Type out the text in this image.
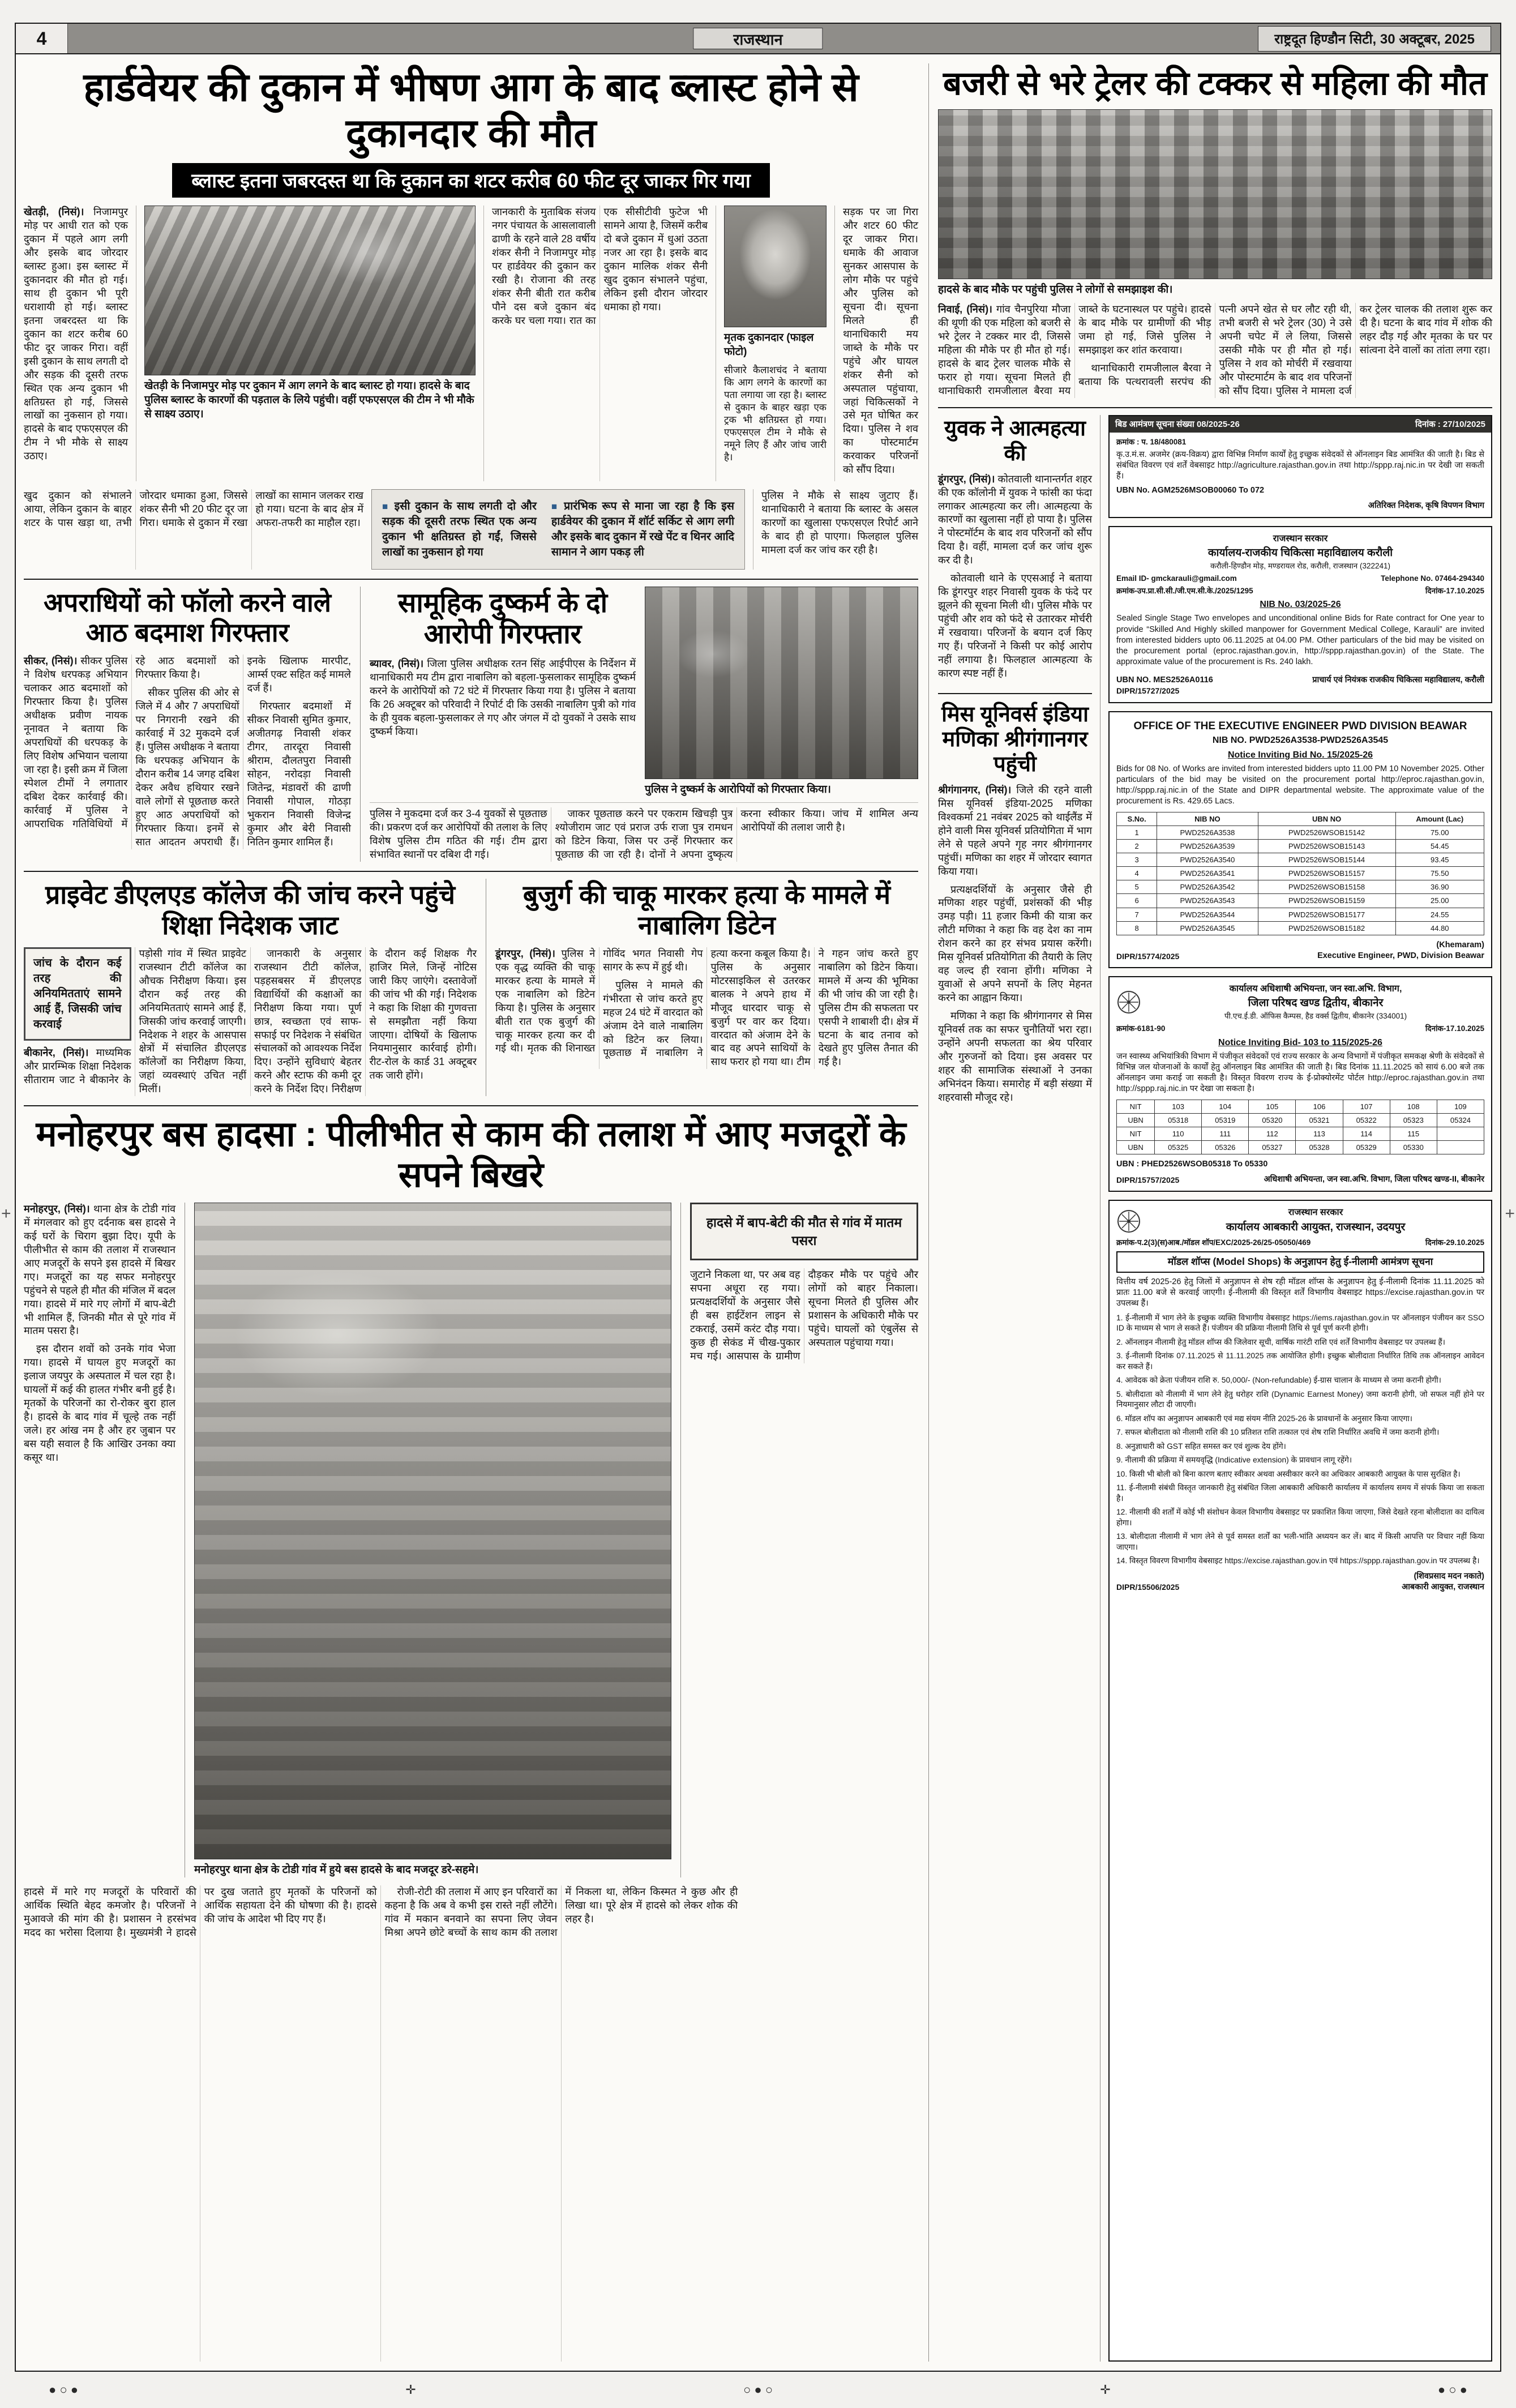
+	+
4	राजस्थान	राष्ट्रदूत हिण्डौन सिटी, 30 अक्टूबर, 2025
हार्डवेयर की दुकान में भीषण आग के बाद ब्लास्ट होने से दुकानदार की मौत
ब्लास्ट इतना जबरदस्त था कि दुकान का शटर करीब 60 फीट दूर जाकर गिर गया

खेतड़ी, (निसं)। निजामपुर मोड़ पर आधी रात को एक दुकान में पहले आग लगी और इसके बाद जोरदार ब्लास्ट हुआ। इस ब्लास्ट में दुकानदार की मौत हो गई। साथ ही दुकान भी पूरी धराशायी हो गई। ब्लास्ट इतना जबरदस्त था कि दुकान का शटर करीब 60 फीट दूर जाकर गिरा। वहीं इसी दुकान के साथ लगती दो और सड़क की दूसरी तरफ स्थित एक अन्य दुकान भी क्षतिग्रस्त हो गई, जिससे लाखों का नुकसान हो गया। हादसे के बाद एफएसएल की टीम ने भी मौके से साक्ष्य उठाए।

खेतड़ी के निजामपुर मोड़ पर दुकान में आग लगने के बाद ब्लास्ट हो गया। हादसे के बाद पुलिस ब्लास्ट के कारणों की पड़ताल के लिये पहुंची। वहीं एफएसएल की टीम ने भी मौके से साक्ष्य उठाए।

जानकारी के मुताबिक संजय नगर पंचायत के आसलावाली ढाणी के रहने वाले 28 वर्षीय शंकर सैनी ने निजामपुर मोड़ पर हार्डवेयर की दुकान कर रखी है। रोजाना की तरह शंकर सैनी बीती रात करीब पौने दस बजे दुकान बंद करके घर चला गया। रात का एक सीसीटीवी फुटेज भी सामने आया है, जिसमें करीब दो बजे दुकान में धुआं उठता नजर आ रहा है। इसके बाद दुकान मालिक शंकर सैनी खुद दुकान संभालने पहुंचा, लेकिन इसी दौरान जोरदार धमाका हो गया।

मृतक दुकानदार (फाइल फोटो)
सीजारे कैलाशचंद ने बताया कि आग लगने के कारणों का पता लगाया जा रहा है। ब्लास्ट से दुकान के बाहर खड़ा एक ट्रक भी क्षतिग्रस्त हो गया। एफएसएल टीम ने मौके से नमूने लिए हैं और जांच जारी है।

सड़क पर जा गिरा और शटर 60 फीट दूर जाकर गिरा। धमाके की आवाज सुनकर आसपास के लोग मौके पर पहुंचे और पुलिस को सूचना दी। सूचना मिलते ही थानाधिकारी मय जाब्ते के मौके पर पहुंचे और घायल शंकर सैनी को अस्पताल पहुंचाया, जहां चिकित्सकों ने उसे मृत घोषित कर दिया। पुलिस ने शव का पोस्टमार्टम करवाकर परिजनों को सौंप दिया।

खुद दुकान को संभालने आया, लेकिन दुकान के बाहर शटर के पास खड़ा था, तभी जोरदार धमाका हुआ, जिससे शंकर सैनी भी 20 फीट दूर जा गिरा। धमाके से दुकान में रखा लाखों का सामान जलकर राख हो गया। घटना के बाद क्षेत्र में अफरा-तफरी का माहौल रहा।

■ इसी दुकान के साथ लगती दो और सड़क की दूसरी तरफ स्थित एक अन्य दुकान भी क्षतिग्रस्त हो गईं, जिससे लाखों का नुकसान हो गया
■ प्रारंभिक रूप से माना जा रहा है कि इस हार्डवेयर की दुकान में शॉर्ट सर्किट से आग लगी और इसके बाद दुकान में रखे पेंट व थिनर आदि सामान ने आग पकड़ ली

पुलिस ने मौके से साक्ष्य जुटाए हैं। थानाधिकारी ने बताया कि ब्लास्ट के असल कारणों का खुलासा एफएसएल रिपोर्ट आने के बाद ही हो पाएगा। फिलहाल पुलिस मामला दर्ज कर जांच कर रही है।

अपराधियों को फॉलो करने वाले आठ बदमाश गिरफ्तार

सीकर, (निसं)। सीकर पुलिस ने विशेष धरपकड़ अभियान चलाकर आठ बदमाशों को गिरफ्तार किया है। पुलिस अधीक्षक प्रवीण नायक नूनावत ने बताया कि अपराधियों की धरपकड़ के लिए विशेष अभियान चलाया जा रहा है। इसी क्रम में जिला स्पेशल टीमों ने लगातार दबिश देकर कार्रवाई की। कार्रवाई में पुलिस ने आपराधिक गतिविधियों में रहे आठ बदमाशों को गिरफ्तार किया है।

सीकर पुलिस की ओर से जिले में 4 और 7 अपराधियों पर निगरानी रखने की कार्रवाई में 32 मुकदमे दर्ज हैं। पुलिस अधीक्षक ने बताया कि धरपकड़ अभियान के दौरान करीब 14 जगह दबिश देकर अवैध हथियार रखने वाले लोगों से पूछताछ करते हुए आठ अपराधियों को गिरफ्तार किया। इनमें से सात आदतन अपराधी हैं। इनके खिलाफ मारपीट, आर्म्स एक्ट सहित कई मामले दर्ज हैं।

गिरफ्तार बदमाशों में सीकर निवासी सुमित कुमार, अजीतगढ़ निवासी शंकर टीगर, तारदूरा निवासी श्रीराम, दौलतपुरा निवासी सोहन, नरोदड़ा निवासी जितेन्द्र, मंडावरों की ढाणी निवासी गोपाल, गोठड़ा भुकरान निवासी विजेन्द्र कुमार और बेरी निवासी नितिन कुमार शामिल हैं।

सामूहिक दुष्कर्म के दो आरोपी गिरफ्तार

ब्यावर, (निसं)। जिला पुलिस अधीक्षक रतन सिंह आईपीएस के निर्देशन में थानाधिकारी मय टीम द्वारा नाबालिग को बहला-फुसलाकर सामूहिक दुष्कर्म करने के आरोपियों को 72 घंटे में गिरफ्तार किया गया है। पुलिस ने बताया कि 26 अक्टूबर को परिवादी ने रिपोर्ट दी कि उसकी नाबालिग पुत्री को गांव के ही युवक बहला-फुसलाकर ले गए और जंगल में दो युवकों ने उसके साथ दुष्कर्म किया।

पुलिस ने दुष्कर्म के आरोपियों को गिरफ्तार किया।

पुलिस ने मुकदमा दर्ज कर 3-4 युवकों से पूछताछ की। प्रकरण दर्ज कर आरोपियों की तलाश के लिए विशेष पुलिस टीम गठित की गई। टीम द्वारा संभावित स्थानों पर दबिश दी गई।

जाकर पूछताछ करने पर एकराम खिचड़ी पुत्र श्योजीराम जाट एवं प्रराज उर्फ राजा पुत्र रामधन को डिटेन किया, जिस पर उन्हें गिरफ्तार कर पूछताछ की जा रही है। दोनों ने अपना दुष्कृत्य करना स्वीकार किया। जांच में शामिल अन्य आरोपियों की तलाश जारी है।

प्राइवेट डीएलएड कॉलेज की जांच करने पहुंचे शिक्षा निदेशक जाट
जांच के दौरान कई तरह की अनियमितताएं सामने आई हैं, जिसकी जांच करवाई

बीकानेर, (निसं)। माध्यमिक और प्रारम्भिक शिक्षा निदेशक सीताराम जाट ने बीकानेर के पड़ोसी गांव में स्थित प्राइवेट राजस्थान टीटी कॉलेज का औचक निरीक्षण किया। इस दौरान कई तरह की अनियमितताएं सामने आई हैं, जिसकी जांच करवाई जाएगी। निदेशक ने शहर के आसपास क्षेत्रों में संचालित डीएलएड कॉलेजों का निरीक्षण किया, जहां व्यवस्थाएं उचित नहीं मिलीं।

जानकारी के अनुसार राजस्थान टीटी कॉलेज, पड़हसबसर में डीएलएड विद्यार्थियों की कक्षाओं का निरीक्षण किया गया। पूर्ण छात्र, स्वच्छता एवं साफ-सफाई पर निदेशक ने संबंधित संचालकों को आवश्यक निर्देश दिए। उन्होंने सुविधाएं बेहतर करने और स्टाफ की कमी दूर करने के निर्देश दिए। निरीक्षण के दौरान कई शिक्षक गैर हाजिर मिले, जिन्हें नोटिस जारी किए जाएंगे। दस्तावेजों की जांच भी की गई। निदेशक ने कहा कि शिक्षा की गुणवत्ता से समझौता नहीं किया जाएगा। दोषियों के खिलाफ नियमानुसार कार्रवाई होगी। रीट-रोल के कार्ड 31 अक्टूबर तक जारी होंगे।

बुजुर्ग की चाकू मारकर हत्या के मामले में नाबालिग डिटेन

डूंगरपुर, (निसं)। पुलिस ने एक वृद्ध व्यक्ति की चाकू मारकर हत्या के मामले में एक नाबालिग को डिटेन किया है। पुलिस के अनुसार बीती रात एक बुजुर्ग की चाकू मारकर हत्या कर दी गई थी। मृतक की शिनाख्त गोविंद भगत निवासी गेप सागर के रूप में हुई थी।

पुलिस ने मामले की गंभीरता से जांच करते हुए महज 24 घंटे में वारदात को अंजाम देने वाले नाबालिग को डिटेन कर लिया। पूछताछ में नाबालिग ने हत्या करना कबूल किया है। पुलिस के अनुसार मोटरसाइकिल से उतरकर बालक ने अपने हाथ में मौजूद धारदार चाकू से बुजुर्ग पर वार कर दिया। वारदात को अंजाम देने के बाद वह अपने साथियों के साथ फरार हो गया था। टीम ने गहन जांच करते हुए नाबालिग को डिटेन किया। मामले में अन्य की भूमिका की भी जांच की जा रही है। पुलिस टीम की सफलता पर एसपी ने शाबाशी दी। क्षेत्र में घटना के बाद तनाव को देखते हुए पुलिस तैनात की गई है।

मनोहरपुर बस हादसा : पीलीभीत से काम की तलाश में आए मजदूरों के सपने बिखरे

मनोहरपुर, (निसं)। थाना क्षेत्र के टोडी गांव में मंगलवार को हुए दर्दनाक बस हादसे ने कई घरों के चिराग बुझा दिए। यूपी के पीलीभीत से काम की तलाश में राजस्थान आए मजदूरों के सपने इस हादसे में बिखर गए। मजदूरों का यह सफर मनोहरपुर पहुंचने से पहले ही मौत की मंजिल में बदल गया। हादसे में मारे गए लोगों में बाप-बेटी भी शामिल हैं, जिनकी मौत से पूरे गांव में मातम पसरा है।

इस दौरान शवों को उनके गांव भेजा गया। हादसे में घायल हुए मजदूरों का इलाज जयपुर के अस्पताल में चल रहा है। घायलों में कई की हालत गंभीर बनी हुई है। मृतकों के परिजनों का रो-रोकर बुरा हाल है। हादसे के बाद गांव में चूल्हे तक नहीं जले। हर आंख नम है और हर जुबान पर बस यही सवाल है कि आखिर उनका क्या कसूर था।

मनोहरपुर थाना क्षेत्र के टोडी गांव में हुये बस हादसे के बाद मजदूर डरे-सहमे।
हादसे में बाप-बेटी की मौत से गांव में मातम पसरा

जुटाने निकला था, पर अब वह सपना अधूरा रह गया। प्रत्यक्षदर्शियों के अनुसार जैसे ही बस हाईटेंशन लाइन से टकराई, उसमें करंट दौड़ गया। कुछ ही सेकंड में चीख-पुकार मच गई। आसपास के ग्रामीण दौड़कर मौके पर पहुंचे और लोगों को बाहर निकाला। सूचना मिलते ही पुलिस और प्रशासन के अधिकारी मौके पर पहुंचे। घायलों को एंबुलेंस से अस्पताल पहुंचाया गया।

हादसे में मारे गए मजदूरों के परिवारों की आर्थिक स्थिति बेहद कमजोर है। परिजनों ने मुआवजे की मांग की है। प्रशासन ने हरसंभव मदद का भरोसा दिलाया है। मुख्यमंत्री ने हादसे पर दुख जताते हुए मृतकों के परिजनों को आर्थिक सहायता देने की घोषणा की है। हादसे की जांच के आदेश भी दिए गए हैं।

रोजी-रोटी की तलाश में आए इन परिवारों का कहना है कि अब वे कभी इस रास्ते नहीं लौटेंगे। गांव में मकान बनवाने का सपना लिए जेवन मिश्रा अपने छोटे बच्चों के साथ काम की तलाश में निकला था, लेकिन किस्मत ने कुछ और ही लिखा था। पूरे क्षेत्र में हादसे को लेकर शोक की लहर है।

बजरी से भरे ट्रेलर की टक्कर से महिला की मौत
हादसे के बाद मौके पर पहुंची पुलिस ने लोगों से समझाइश की।

निवाई, (निसं)। गांव चैनपुरिया मौजा की थूणी की एक महिला को बजरी से भरे ट्रेलर ने टक्कर मार दी, जिससे महिला की मौके पर ही मौत हो गई। हादसे के बाद ट्रेलर चालक मौके से फरार हो गया। सूचना मिलते ही थानाधिकारी रामजीलाल बैरवा मय जाब्ते के घटनास्थल पर पहुंचे। हादसे के बाद मौके पर ग्रामीणों की भीड़ जमा हो गई, जिसे पुलिस ने समझाइश कर शांत करवाया।

थानाधिकारी रामजीलाल बैरवा ने बताया कि पत्थरावली सरपंच की पत्नी अपने खेत से घर लौट रही थी, तभी बजरी से भरे ट्रेलर (30) ने उसे अपनी चपेट में ले लिया, जिससे उसकी मौके पर ही मौत हो गई। पुलिस ने शव को मोर्चरी में रखवाया और पोस्टमार्टम के बाद शव परिजनों को सौंप दिया। पुलिस ने मामला दर्ज कर ट्रेलर चालक की तलाश शुरू कर दी है। घटना के बाद गांव में शोक की लहर दौड़ गई और मृतका के घर पर सांत्वना देने वालों का तांता लगा रहा।

युवक ने आत्महत्या की

डूंगरपुर, (निसं)। कोतवाली थानान्तर्गत शहर की एक कॉलोनी में युवक ने फांसी का फंदा लगाकर आत्महत्या कर ली। आत्महत्या के कारणों का खुलासा नहीं हो पाया है। पुलिस ने पोस्टमॉर्टम के बाद शव परिजनों को सौंप दिया है। वहीं, मामला दर्ज कर जांच शुरू कर दी है।

कोतवाली थाने के एएसआई ने बताया कि डूंगरपुर शहर निवासी युवक के फंदे पर झूलने की सूचना मिली थी। पुलिस मौके पर पहुंची और शव को फंदे से उतारकर मोर्चरी में रखवाया। परिजनों के बयान दर्ज किए गए हैं। परिजनों ने किसी पर कोई आरोप नहीं लगाया है। फिलहाल आत्महत्या के कारण स्पष्ट नहीं हैं।

मिस यूनिवर्स इंडिया मणिका श्रीगंगानगर पहुंची

श्रीगंगानगर, (निसं)। जिले की रहने वाली मिस यूनिवर्स इंडिया-2025 मणिका विश्वकर्मा 21 नवंबर 2025 को थाईलैंड में होने वाली मिस यूनिवर्स प्रतियोगिता में भाग लेने से पहले अपने गृह नगर श्रीगंगानगर पहुंचीं। मणिका का शहर में जोरदार स्वागत किया गया।

प्रत्यक्षदर्शियों के अनुसार जैसे ही मणिका शहर पहुंचीं, प्रशंसकों की भीड़ उमड़ पड़ी। 11 हजार किमी की यात्रा कर लौटी मणिका ने कहा कि वह देश का नाम रोशन करने का हर संभव प्रयास करेंगी। मिस यूनिवर्स प्रतियोगिता की तैयारी के लिए वह जल्द ही रवाना होंगी। मणिका ने युवाओं से अपने सपनों के लिए मेहनत करने का आह्वान किया।

मणिका ने कहा कि श्रीगंगानगर से मिस यूनिवर्स तक का सफर चुनौतियों भरा रहा। उन्होंने अपनी सफलता का श्रेय परिवार और गुरुजनों को दिया। इस अवसर पर शहर की सामाजिक संस्थाओं ने उनका अभिनंदन किया। समारोह में बड़ी संख्या में शहरवासी मौजूद रहे।

बिड आमंत्रण सूचना संख्या 08/2025-26	दिनांक : 27/10/2025
क्रमांक : प. 18/480081

कृ.उ.मं.स. अजमेर (क्रय-विक्रय) द्वारा विभिन्न निर्माण कार्यों हेतु इच्छुक संवेदकों से ऑनलाइन बिड आमंत्रित की जाती है। बिड से संबंधित विवरण एवं शर्तें वेबसाइट http://agriculture.rajasthan.gov.in तथा http://sppp.raj.nic.in पर देखी जा सकती हैं।

UBN No. AGM2526MSOB00060 To 072
अतिरिक्त निदेशक, कृषि विपणन विभाग
राजस्थान सरकार
कार्यालय-राजकीय चिकित्सा महाविद्यालय करौली
करौली-हिण्डौन मोड़, मण्डरायल रोड, करौली, राजस्थान (322241)
Email ID- gmckarauli@gmail.com	Telephone No. 07464-294340
क्रमांक-उप.प्रा.सी.सी./जी.एम.सी.के./2025/1295	दिनांक-17.10.2025
NIB No. 03/2025-26

Sealed Single Stage Two envelopes and unconditional online Bids for Rate contract for One year to provide “Skilled And Highly skilled manpower for Government Medical College, Karauli” are invited from interested bidders upto 06.11.2025 at 04.00 PM. Other particulars of the bid may be visited on the procurement portal (eproc.rajasthan.gov.in, http://sppp.rajasthan.gov.in) of the State. The approximate value of the procurement is Rs. 240 lakh.

UBN NO. MES2526A0116	प्राचार्य एवं नियंत्रक राजकीय चिकित्सा महाविद्यालय, करौली
DIPR/15727/2025
OFFICE OF THE EXECUTIVE ENGINEER PWD DIVISION BEAWAR
NIB NO. PWD2526A3538-PWD2526A3545
Notice Inviting Bid No. 15/2025-26

Bids for 08 No. of Works are invited from interested bidders upto 11.00 PM 10 November 2025. Other particulars of the bid may be visited on the procurement portal http://eproc.rajasthan.gov.in, http://sppp.raj.nic.in of the State and DIPR departmental website. The approximate value of the procurement is Rs. 429.65 Lacs.

S.No.	NIB NO	UBN NO	Amount (Lac)
1	PWD2526A3538	PWD2526WSOB15142	75.00
2	PWD2526A3539	PWD2526WSOB15143	54.45
3	PWD2526A3540	PWD2526WSOB15144	93.45
4	PWD2526A3541	PWD2526WSOB15157	75.50
5	PWD2526A3542	PWD2526WSOB15158	36.90
6	PWD2526A3543	PWD2526WSOB15159	25.00
7	PWD2526A3544	PWD2526WSOB15177	24.55
8	PWD2526A3545	PWD2526WSOB15182	44.80
DIPR/15774/2025
(Khemaram)
Executive Engineer, PWD, Division Beawar
कार्यालय अधिशाषी अभियन्ता, जन स्वा.अभि. विभाग,
जिला परिषद खण्ड द्वितीय, बीकानेर
पी.एच.ई.डी. ऑफिस कैम्पस, हैड वर्क्स द्वितीय, बीकानेर (334001)
क्रमांक-6181-90	दिनांक-17.10.2025
Notice Inviting Bid- 103 to 115/2025-26

जन स्वास्थ्य अभियांत्रिकी विभाग में पंजीकृत संवेदकों एवं राज्य सरकार के अन्य विभागों में पंजीकृत समकक्ष श्रेणी के संवेदकों से विभिन्न जल योजनाओं के कार्यों हेतु ऑनलाइन बिड आमंत्रित की जाती है। बिड दिनांक 11.11.2025 को सायं 6.00 बजे तक ऑनलाइन जमा कराई जा सकती है। विस्तृत विवरण राज्य के ई-प्रोक्योरमेंट पोर्टल http://eproc.rajasthan.gov.in तथा http://sppp.raj.nic.in पर देखा जा सकता है।

NIT	103	104	105	106	107	108	109
UBN	05318	05319	05320	05321	05322	05323	05324
NIT	110	111	112	113	114	115	
UBN	05325	05326	05327	05328	05329	05330	
UBN : PHED2526WSOB05318 To 05330
DIPR/15757/2025	अधिशाषी अभियन्ता, जन स्वा.अभि. विभाग, जिला परिषद खण्ड-II, बीकानेर
राजस्थान सरकार
कार्यालय आबकारी आयुक्त, राजस्थान, उदयपुर
क्रमांक-प.2(3)(स)आब./मॉडल शॉप/EXC/2025-26/25-05050/469	दिनांक-29.10.2025
मॉडल शॉप्स (Model Shops) के अनुज्ञापन हेतु ई-नीलामी आमंत्रण सूचना

वित्तीय वर्ष 2025-26 हेतु जिलों में अनुज्ञापन से शेष रही मॉडल शॉप्स के अनुज्ञापन हेतु ई-नीलामी दिनांक 11.11.2025 को प्रातः 11.00 बजे से करवाई जाएगी। ई-नीलामी की विस्तृत शर्तें विभागीय वेबसाइट https://excise.rajasthan.gov.in पर उपलब्ध हैं।

1. ई-नीलामी में भाग लेने के इच्छुक व्यक्ति विभागीय वेबसाइट https://iems.rajasthan.gov.in पर ऑनलाइन पंजीयन कर SSO ID के माध्यम से भाग ले सकते हैं। पंजीयन की प्रक्रिया नीलामी तिथि से पूर्व पूर्ण करनी होगी।

2. ऑनलाइन नीलामी हेतु मॉडल शॉप्स की जिलेवार सूची, वार्षिक गारंटी राशि एवं शर्तें विभागीय वेबसाइट पर उपलब्ध हैं।

3. ई-नीलामी दिनांक 07.11.2025 से 11.11.2025 तक आयोजित होगी। इच्छुक बोलीदाता निर्धारित तिथि तक ऑनलाइन आवेदन कर सकते हैं।

4. आवेदक को क्रेता पंजीयन राशि रु. 50,000/- (Non-refundable) ई-ग्रास चालान के माध्यम से जमा करानी होगी।

5. बोलीदाता को नीलामी में भाग लेने हेतु धरोहर राशि (Dynamic Earnest Money) जमा करानी होगी, जो सफल नहीं होने पर नियमानुसार लौटा दी जाएगी।

6. मॉडल शॉप का अनुज्ञापन आबकारी एवं मद्य संयम नीति 2025-26 के प्रावधानों के अनुसार किया जाएगा।

7. सफल बोलीदाता को नीलामी राशि की 10 प्रतिशत राशि तत्काल एवं शेष राशि निर्धारित अवधि में जमा करानी होगी।

8. अनुज्ञाधारी को GST सहित समस्त कर एवं शुल्क देय होंगे।

9. नीलामी की प्रक्रिया में समयवृद्धि (Indicative extension) के प्रावधान लागू रहेंगे।

10. किसी भी बोली को बिना कारण बताए स्वीकार अथवा अस्वीकार करने का अधिकार आबकारी आयुक्त के पास सुरक्षित है।

11. ई-नीलामी संबंधी विस्तृत जानकारी हेतु संबंधित जिला आबकारी अधिकारी कार्यालय में कार्यालय समय में संपर्क किया जा सकता है।

12. नीलामी की शर्तों में कोई भी संशोधन केवल विभागीय वेबसाइट पर प्रकाशित किया जाएगा, जिसे देखते रहना बोलीदाता का दायित्व होगा।

13. बोलीदाता नीलामी में भाग लेने से पूर्व समस्त शर्तों का भली-भांति अध्ययन कर लें। बाद में किसी आपत्ति पर विचार नहीं किया जाएगा।

14. विस्तृत विवरण विभागीय वेबसाइट https://excise.rajasthan.gov.in एवं https://sppp.rajasthan.gov.in पर उपलब्ध है।

DIPR/15506/2025
(शिवप्रसाद मदन नकाते)
आबकारी आयुक्त, राजस्थान
● ○ ●	✛	○ ● ○	✛	● ○ ●
